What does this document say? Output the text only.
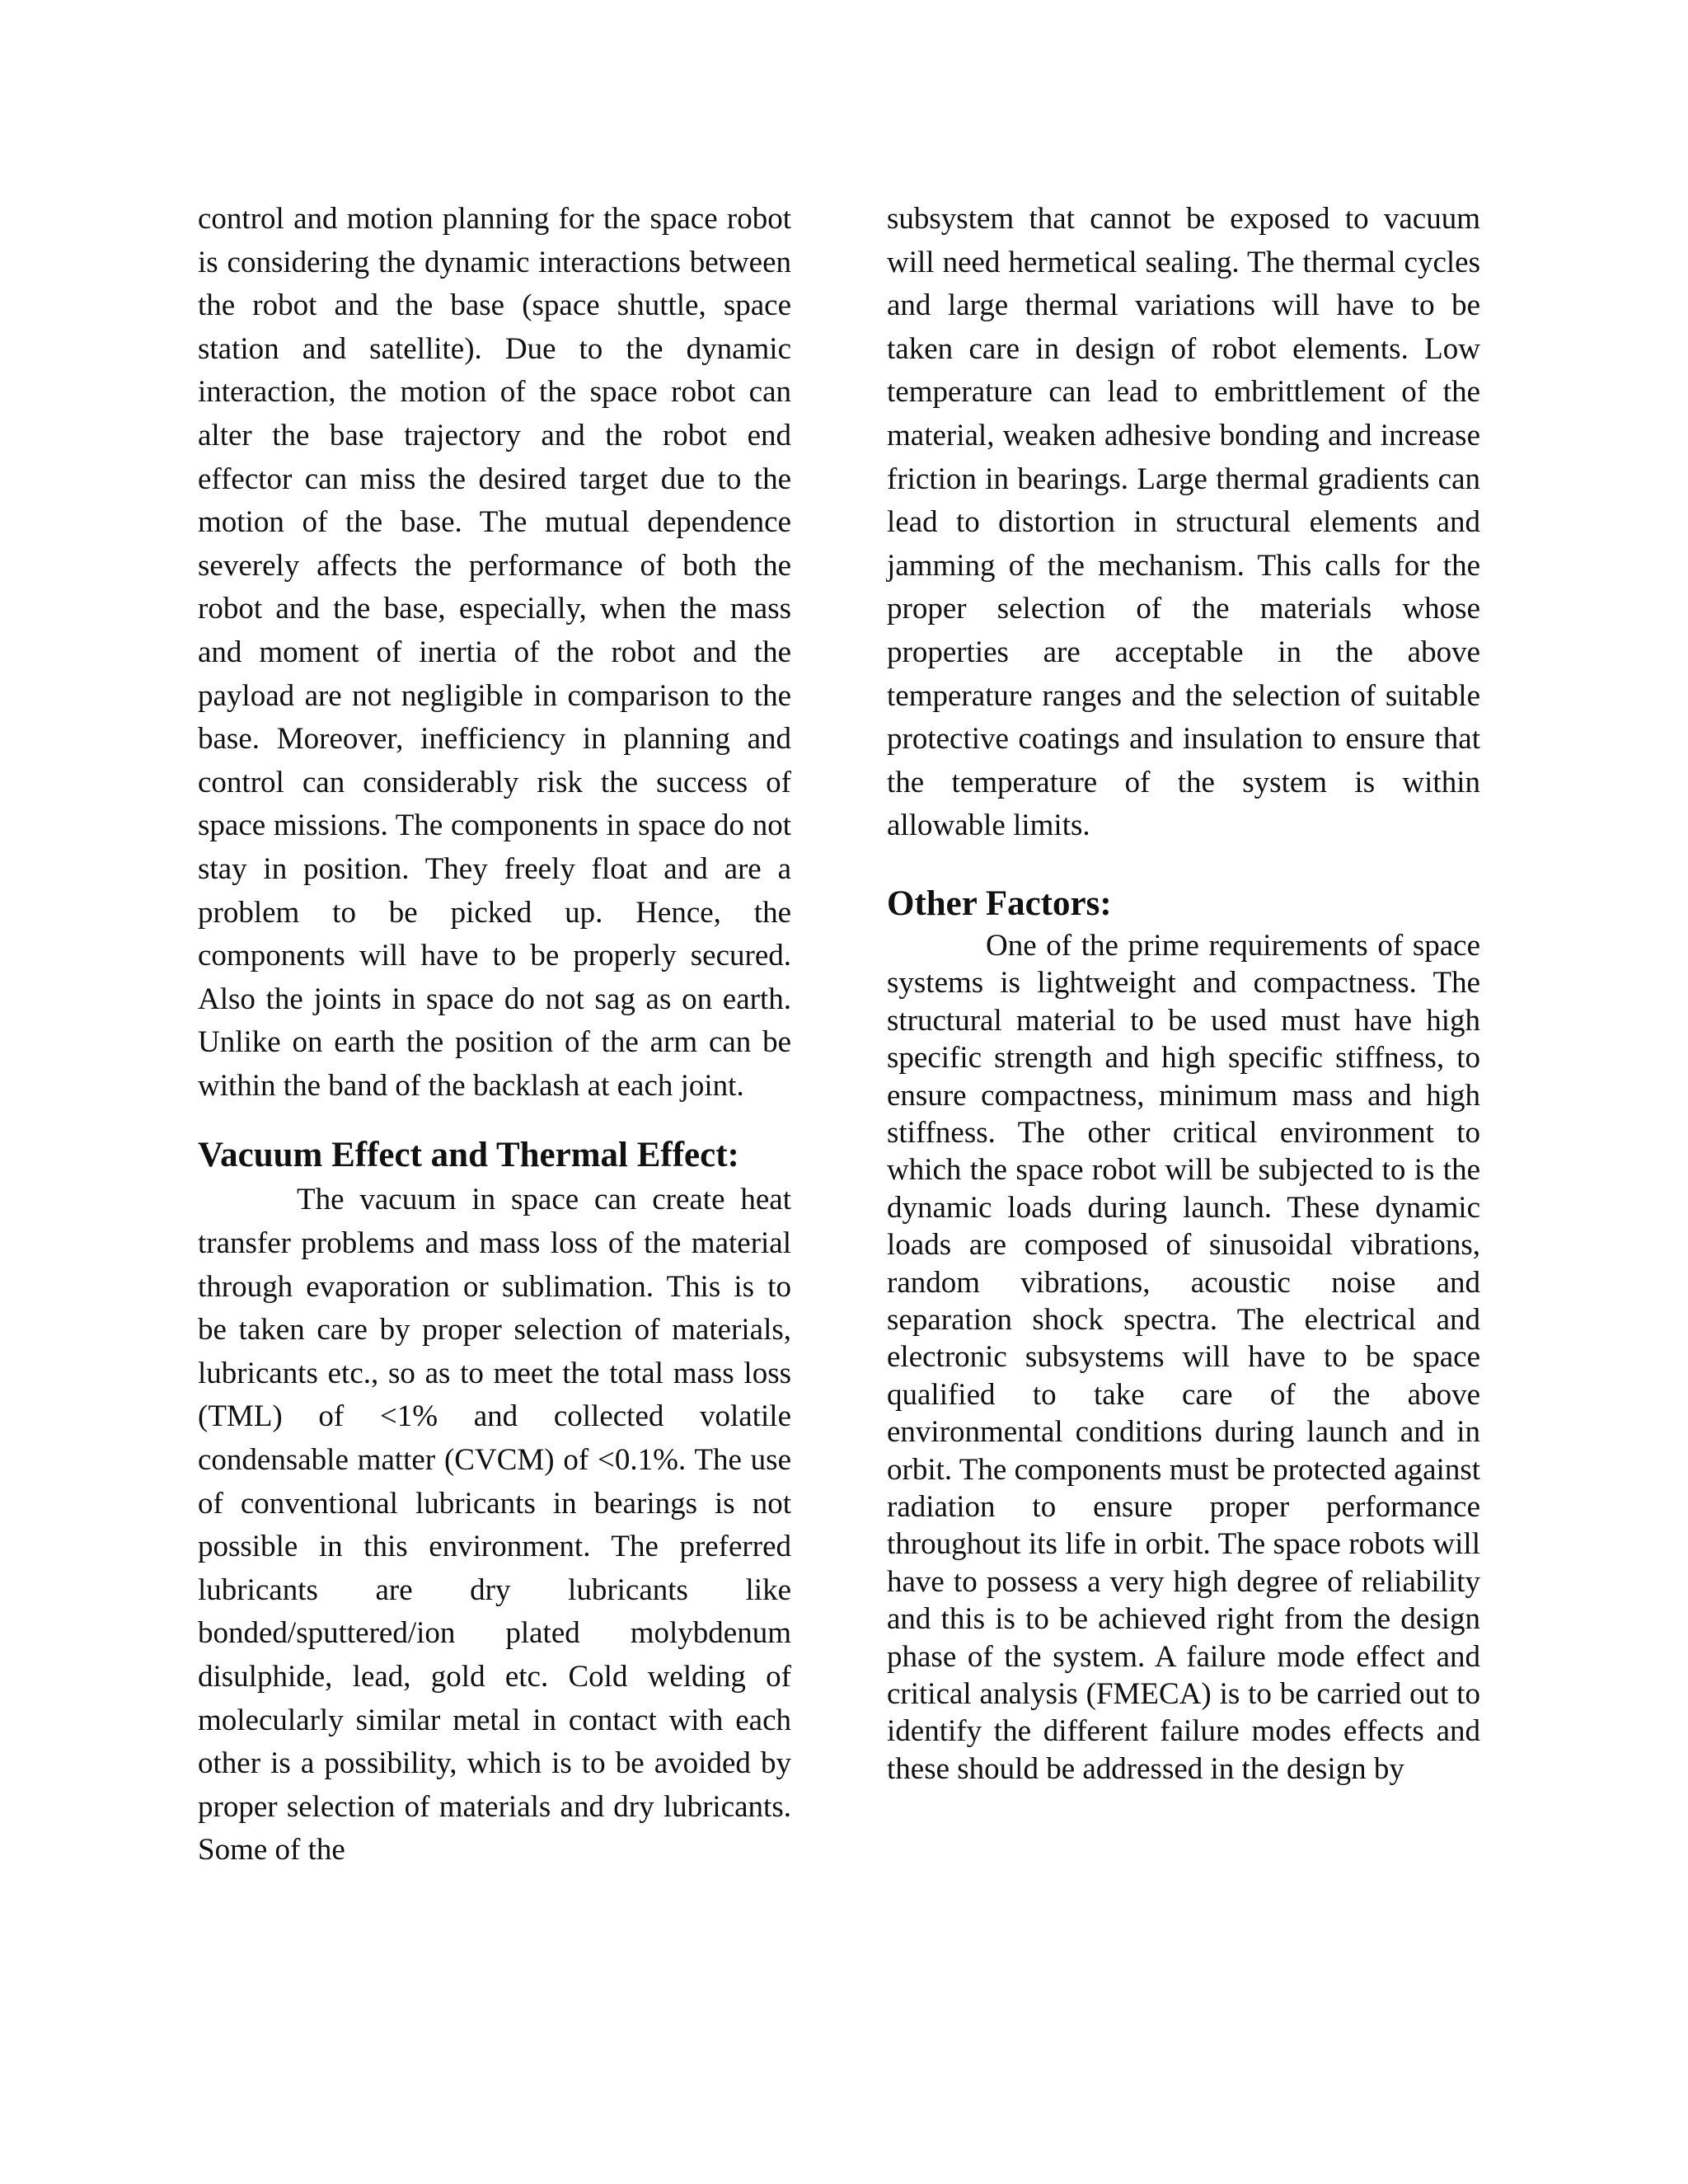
control and motion planning for the space robot is considering the dynamic interactions between the robot and the base (space shuttle, space station and satellite). Due to the dynamic interaction, the motion of the space robot can alter the base trajectory and the robot end effector can miss the desired target due to the motion of the base. The mutual dependence severely affects the performance of both the robot and the base, especially, when the mass and moment of inertia of the robot and the payload are not negligible in comparison to the base. Moreover, inefficiency in planning and control can considerably risk the success of space missions. The components in space do not stay in position. They freely float and are a problem to be picked up. Hence, the components will have to be properly secured. Also the joints in space do not sag as on earth. Unlike on earth the position of the arm can be within the band of the backlash at each joint.

Vacuum Effect and Thermal Effect:

The vacuum in space can create heat transfer problems and mass loss of the material through evaporation or sublimation. This is to be taken care by proper selection of materials, lubricants etc., so as to meet the total mass loss (TML) of <1% and collected volatile condensable matter (CVCM) of <0.1%. The use of conventional lubricants in bearings is not possible in this environment. The preferred lubricants are dry lubricants like bonded/sputtered/ion plated molybdenum disulphide, lead, gold etc. Cold welding of molecularly similar metal in contact with each other is a possibility, which is to be avoided by proper selection of materials and dry lubricants. Some of the

subsystem that cannot be exposed to vacuum will need hermetical sealing. The thermal cycles and large thermal variations will have to be taken care in design of robot elements. Low temperature can lead to embrittlement of the material, weaken adhesive bonding and increase friction in bearings. Large thermal gradients can lead to distortion in structural elements and jamming of the mechanism. This calls for the proper selection of the materials whose properties are acceptable in the above temperature ranges and the selection of suitable protective coatings and insulation to ensure that the temperature of the system is within allowable limits.

Other Factors:

One of the prime requirements of space systems is lightweight and compactness. The structural material to be used must have high specific strength and high specific stiffness, to ensure compactness, minimum mass and high stiffness. The other critical environment to which the space robot will be subjected to is the dynamic loads during launch. These dynamic loads are composed of sinusoidal vibrations, random vibrations, acoustic noise and separation shock spectra. The electrical and electronic subsystems will have to be space qualified to take care of the above environmental conditions during launch and in orbit. The components must be protected against radiation to ensure proper performance throughout its life in orbit. The space robots will have to possess a very high degree of reliability and this is to be achieved right from the design phase of the system. A failure mode effect and critical analysis (FMECA) is to be carried out to identify the different failure modes effects and these should be addressed in the design by
